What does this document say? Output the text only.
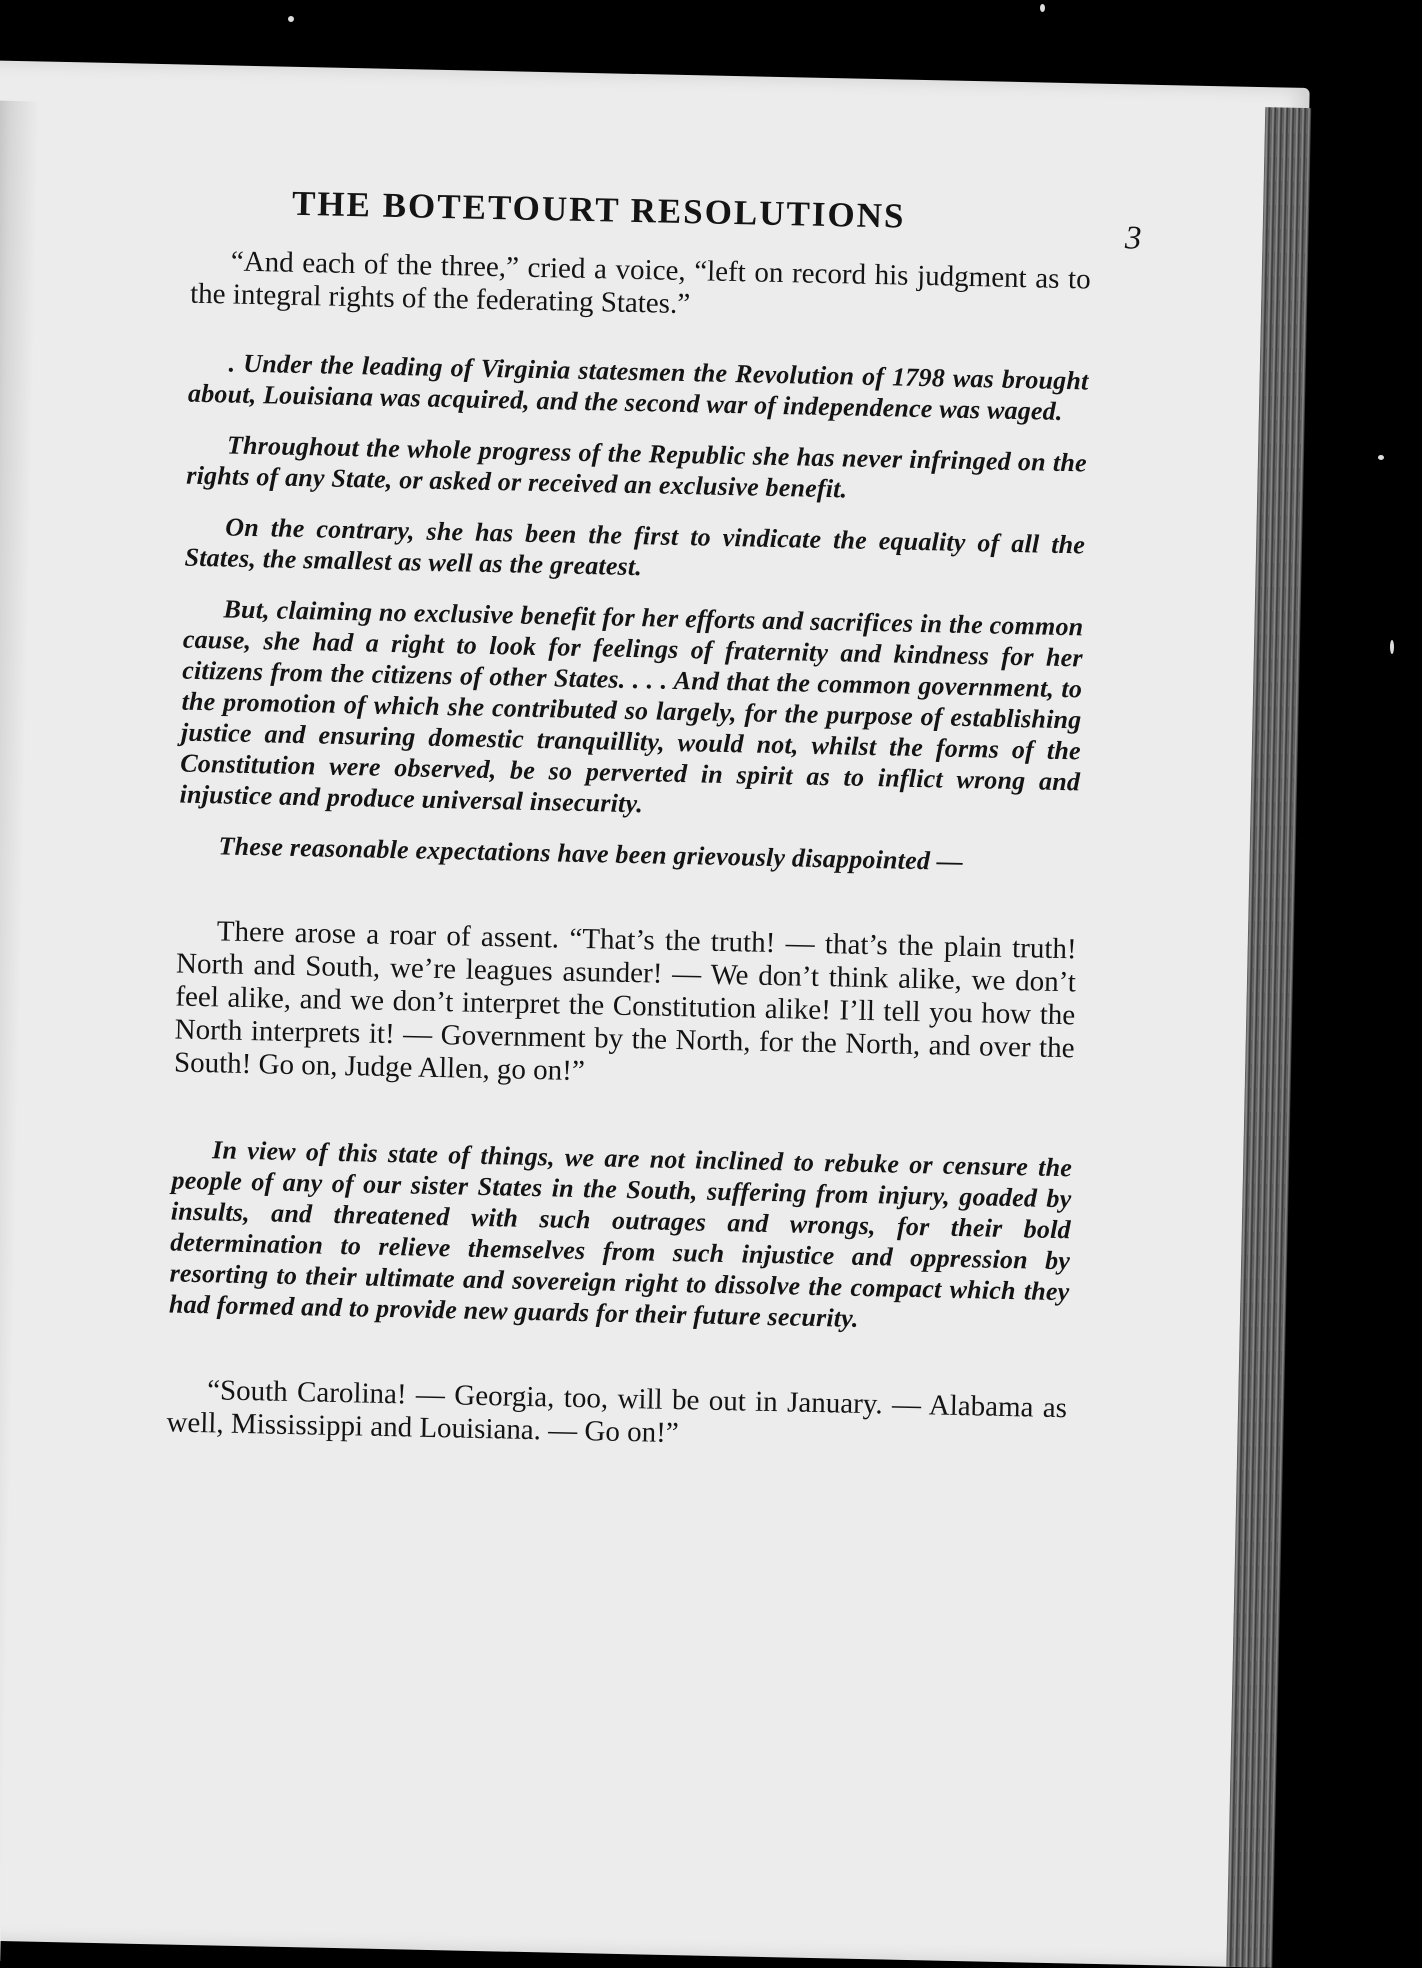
THE BOTETOURT RESOLUTIONS
3

“And each of the three,” cried a voice, “left on record his judgment as to the integral rights of the federating States.”

. Under the leading of Virginia statesmen the Revolution of 1798 was brought about, Louisiana was acquired, and the second war of independence was waged.

Throughout the whole progress of the Republic she has never infringed on the rights of any State, or asked or received an exclusive benefit.

On the contrary, she has been the first to vindicate the equality of all the States, the smallest as well as the greatest.

But, claiming no exclusive benefit for her efforts and sacrifices in the common cause, she had a right to look for feelings of fraternity and kindness for her citizens from the citizens of other States. . . . And that the common government, to the promotion of which she contributed so largely, for the purpose of establishing justice and ensuring domestic tranquillity, would not, whilst the forms of the Constitution were observed, be so perverted in spirit as to inflict wrong and injustice and produce universal insecurity.

These reasonable expectations have been grievously disappointed —

There arose a roar of assent. “That’s the truth! — that’s the plain truth! North and South, we’re leagues asunder! — We don’t think alike, we don’t feel alike, and we don’t interpret the Constitution alike! I’ll tell you how the North interprets it! — Government by the North, for the North, and over the South! Go on, Judge Allen, go on!”

In view of this state of things, we are not inclined to rebuke or censure the people of any of our sister States in the South, suffering from injury, goaded by insults, and threatened with such outrages and wrongs, for their bold determination to relieve themselves from such injustice and oppression by resorting to their ultimate and sovereign right to dissolve the compact which they had formed and to provide new guards for their future security.

“South Carolina! — Georgia, too, will be out in January. — Alabama as well, Mississippi and Louisiana. — Go on!”
